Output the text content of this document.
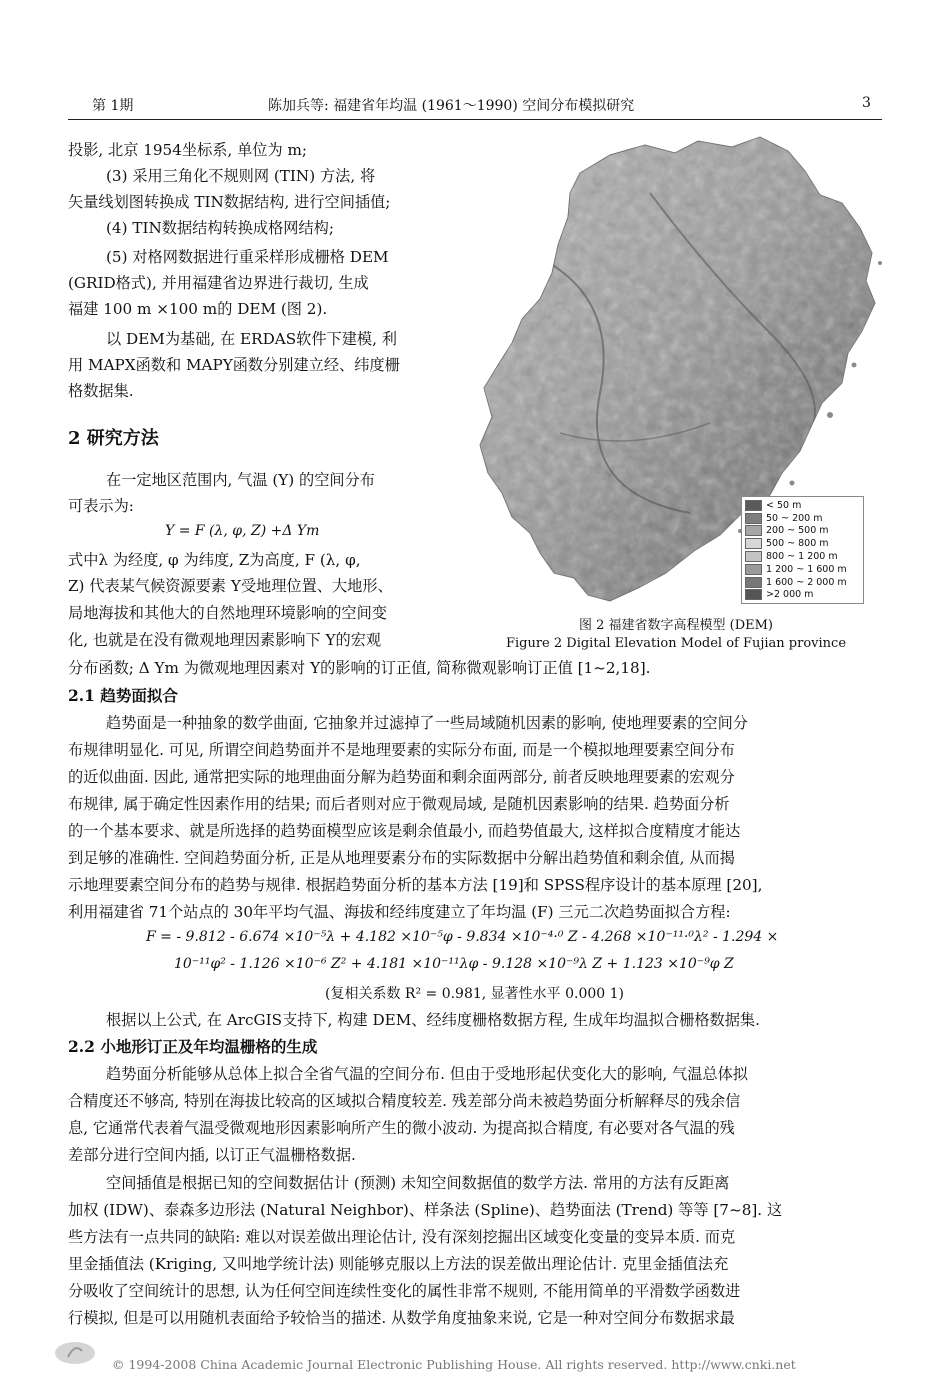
第 1期	陈加兵等: 福建省年均温 (1961～1990) 空间分布模拟研究	3
投影, 北京 1954坐标系, 单位为 m;
(3) 采用三角化不规则网 (TIN) 方法, 将
矢量线划图转换成 TIN数据结构, 进行空间插值;
(4) TIN数据结构转换成格网结构;
(5) 对格网数据进行重采样形成栅格 DEM
(GRID格式), 并用福建省边界进行裁切, 生成
福建 100 m ×100 m的 DEM (图 2).
以 DEM为基础, 在 ERDAS软件下建模, 利
用 MAPX函数和 MAPY函数分别建立经、纬度栅
格数据集.
2 研究方法
在一定地区范围内, 气温 (Y) 的空间分布
可表示为:
Y = F (λ, φ, Z) +Δ Ym
式中λ 为经度, φ 为纬度, Z为高度, F (λ, φ,
Z) 代表某气候资源要素 Y受地理位置、大地形、
局地海拔和其他大的自然地理环境影响的空间变
化, 也就是在没有微观地理因素影响下 Y的宏观
分布函数; Δ Ym 为微观地理因素对 Y的影响的订正值, 简称微观影响订正值 [1~2,18].
< 50 m
50 ~ 200 m
200 ~ 500 m
500 ~ 800 m
800 ~ 1 200 m
1 200 ~ 1 600 m
1 600 ~ 2 000 m
>2 000 m
图 2 福建省数字高程模型 (DEM)
Figure 2 Digital Elevation Model of Fujian province
2.1 趋势面拟合
趋势面是一种抽象的数学曲面, 它抽象并过滤掉了一些局域随机因素的影响, 使地理要素的空间分
布规律明显化. 可见, 所谓空间趋势面并不是地理要素的实际分布面, 而是一个模拟地理要素空间分布
的近似曲面. 因此, 通常把实际的地理曲面分解为趋势面和剩余面两部分, 前者反映地理要素的宏观分
布规律, 属于确定性因素作用的结果; 而后者则对应于微观局域, 是随机因素影响的结果. 趋势面分析
的一个基本要求、就是所选择的趋势面模型应该是剩余值最小, 而趋势值最大, 这样拟合度精度才能达
到足够的准确性. 空间趋势面分析, 正是从地理要素分布的实际数据中分解出趋势值和剩余值, 从而揭
示地理要素空间分布的趋势与规律. 根据趋势面分析的基本方法 [19]和 SPSS程序设计的基本原理 [20],
利用福建省 71个站点的 30年平均气温、海拔和经纬度建立了年均温 (F) 三元二次趋势面拟合方程:
F = - 9.812 - 6.674 ×10⁻⁵λ + 4.182 ×10⁻⁵φ - 9.834 ×10⁻⁴·⁰ Z - 4.268 ×10⁻¹¹·⁰λ² - 1.294 ×
10⁻¹¹φ² - 1.126 ×10⁻⁶ Z² + 4.181 ×10⁻¹¹λφ - 9.128 ×10⁻⁹λ Z + 1.123 ×10⁻⁹φ Z
(复相关系数 R² = 0.981, 显著性水平 0.000 1)
根据以上公式, 在 ArcGIS支持下, 构建 DEM、经纬度栅格数据方程, 生成年均温拟合栅格数据集.
2.2 小地形订正及年均温栅格的生成
趋势面分析能够从总体上拟合全省气温的空间分布. 但由于受地形起伏变化大的影响, 气温总体拟
合精度还不够高, 特别在海拔比较高的区域拟合精度较差. 残差部分尚未被趋势面分析解释尽的残余信
息, 它通常代表着气温受微观地形因素影响所产生的微小波动. 为提高拟合精度, 有必要对各气温的残
差部分进行空间内插, 以订正气温栅格数据.
空间插值是根据已知的空间数据估计 (预测) 未知空间数据值的数学方法. 常用的方法有反距离
加权 (IDW)、泰森多边形法 (Natural Neighbor)、样条法 (Spline)、趋势面法 (Trend) 等等 [7~8]. 这
些方法有一点共同的缺陷: 难以对误差做出理论估计, 没有深刻挖掘出区域变化变量的变异本质. 而克
里金插值法 (Kriging, 又叫地学统计法) 则能够克服以上方法的误差做出理论估计. 克里金插值法充
分吸收了空间统计的思想, 认为任何空间连续性变化的属性非常不规则, 不能用简单的平滑数学函数进
行模拟, 但是可以用随机表面给予较恰当的描述. 从数学角度抽象来说, 它是一种对空间分布数据求最
© 1994-2008 China Academic Journal Electronic Publishing House. All rights reserved. http://www.cnki.net
